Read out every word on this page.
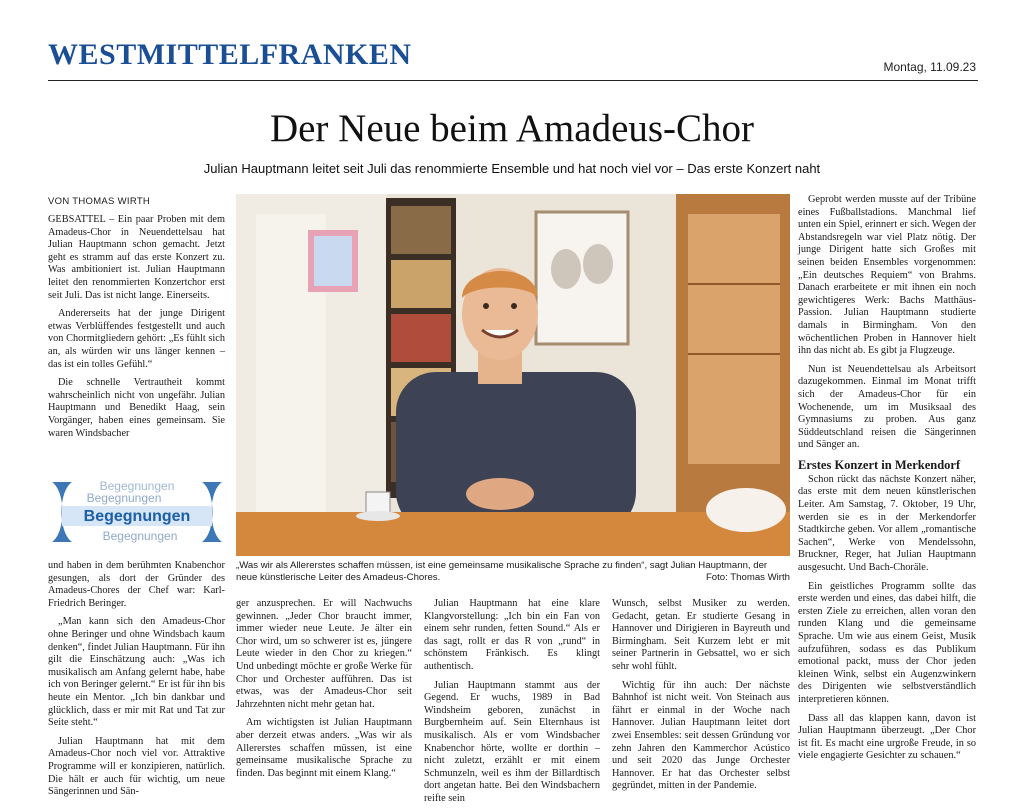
WESTMITTELFRANKEN	Montag, 11.09.23
Der Neue beim Amadeus-Chor
Julian Hauptmann leitet seit Juli das renommierte Ensemble und hat noch viel vor – Das erste Konzert naht
VON THOMAS WIRTH

GEBSATTEL – Ein paar Proben mit dem Amadeus-Chor in Neuendettelsau hat Julian Hauptmann schon gemacht. Jetzt geht es stramm auf das erste Konzert zu. Was ambitioniert ist. Julian Hauptmann leitet den renommierten Konzertchor erst seit Juli. Das ist nicht lange. Einerseits.

Andererseits hat der junge Dirigent etwas Verblüffendes festgestellt und auch von Chormitgliedern gehört: „Es fühlt sich an, als würden wir uns länger kennen – das ist ein tolles Gefühl.“

Die schnelle Vertrautheit kommt wahrscheinlich nicht von ungefähr. Julian Hauptmann und Benedikt Haag, sein Vorgänger, haben eines gemeinsam. Sie waren Windsbacher

Begegnungen
Begegnungen
Begegnungen
Begegnungen

und haben in dem berühmten Knabenchor gesungen, als dort der Gründer des Amadeus-Chores der Chef war: Karl-Friedrich Beringer.

„Man kann sich den Amadeus-Chor ohne Beringer und ohne Windsbach kaum denken“, findet Julian Hauptmann. Für ihn gilt die Einschätzung auch: „Was ich musikalisch am Anfang gelernt habe, habe ich von Beringer gelernt.“ Er ist für ihn bis heute ein Mentor. „Ich bin dankbar und glücklich, dass er mir mit Rat und Tat zur Seite steht.“

Julian Hauptmann hat mit dem Amadeus-Chor noch viel vor. Attraktive Programme will er konzipieren, natürlich. Die hält er auch für wichtig, um neue Sängerinnen und Sän-

„Was wir als Allererstes schaffen müssen, ist eine gemeinsame musikalische Sprache zu finden“, sagt Julian Hauptmann, der neue künstlerische Leiter des Amadeus-Chores.	Foto: Thomas Wirth

ger anzusprechen. Er will Nachwuchs gewinnen. „Jeder Chor braucht immer, immer wieder neue Leute. Je älter ein Chor wird, um so schwerer ist es, jüngere Leute wieder in den Chor zu kriegen.“ Und unbedingt möchte er große Werke für Chor und Orchester aufführen. Das ist etwas, was der Amadeus-Chor seit Jahrzehnten nicht mehr getan hat.

Am wichtigsten ist Julian Hauptmann aber derzeit etwas anders. „Was wir als Allererstes schaffen müssen, ist eine gemeinsame musikalische Sprache zu finden. Das beginnt mit einem Klang.“

Julian Hauptmann hat eine klare Klangvorstellung: „Ich bin ein Fan von einem sehr runden, fetten Sound.“ Als er das sagt, rollt er das R von „rund“ in schönstem Fränkisch. Es klingt authentisch.

Julian Hauptmann stammt aus der Gegend. Er wuchs, 1989 in Bad Windsheim geboren, zunächst in Burgbernheim auf. Sein Elternhaus ist musikalisch. Als er vom Windsbacher Knabenchor hörte, wollte er dorthin – nicht zuletzt, erzählt er mit einem Schmunzeln, weil es ihm der Billardtisch dort angetan hatte. Bei den Windsbachern reifte sein

Wunsch, selbst Musiker zu werden. Gedacht, getan. Er studierte Gesang in Hannover und Dirigieren in Bayreuth und Birmingham. Seit Kurzem lebt er mit seiner Partnerin in Gebsattel, wo er sich sehr wohl fühlt.

Wichtig für ihn auch: Der nächste Bahnhof ist nicht weit. Von Steinach aus fährt er einmal in der Woche nach Hannover. Julian Hauptmann leitet dort zwei Ensembles: seit dessen Gründung vor zehn Jahren den Kammerchor Acústico und seit 2020 das Junge Orchester Hannover. Er hat das Orchester selbst gegründet, mitten in der Pandemie.

Geprobt werden musste auf der Tribüne eines Fußballstadions. Manchmal lief unten ein Spiel, erinnert er sich. Wegen der Abstandsregeln war viel Platz nötig. Der junge Dirigent hatte sich Großes mit seinen beiden Ensembles vorgenommen: „Ein deutsches Requiem“ von Brahms. Danach erarbeitete er mit ihnen ein noch gewichtigeres Werk: Bachs Matthäus-Passion. Julian Hauptmann studierte damals in Birmingham. Von den wöchentlichen Proben in Hannover hielt ihn das nicht ab. Es gibt ja Flugzeuge.

Nun ist Neuendettelsau als Arbeitsort dazugekommen. Einmal im Monat trifft sich der Amadeus-Chor für ein Wochenende, um im Musiksaal des Gymnasiums zu proben. Aus ganz Süddeutschland reisen die Sängerinnen und Sänger an.

Erstes Konzert in Merkendorf

Schon rückt das nächste Konzert näher, das erste mit dem neuen künstlerischen Leiter. Am Samstag, 7. Oktober, 19 Uhr, werden sie es in der Merkendorfer Stadtkirche geben. Vor allem „romantische Sachen“, Werke von Mendelssohn, Bruckner, Reger, hat Julian Hauptmann ausgesucht. Und Bach-Choräle.

Ein geistliches Programm sollte das erste werden und eines, das dabei hilft, die ersten Ziele zu erreichen, allen voran den runden Klang und die gemeinsame Sprache. Um wie aus einem Geist, Musik aufzuführen, sodass es das Publikum emotional packt, muss der Chor jeden kleinen Wink, selbst ein Augenzwinkern des Dirigenten wie selbstverständlich interpretieren können.

Dass all das klappen kann, davon ist Julian Hauptmann überzeugt. „Der Chor ist fit. Es macht eine urgroße Freude, in so viele engagierte Gesichter zu schauen.“
